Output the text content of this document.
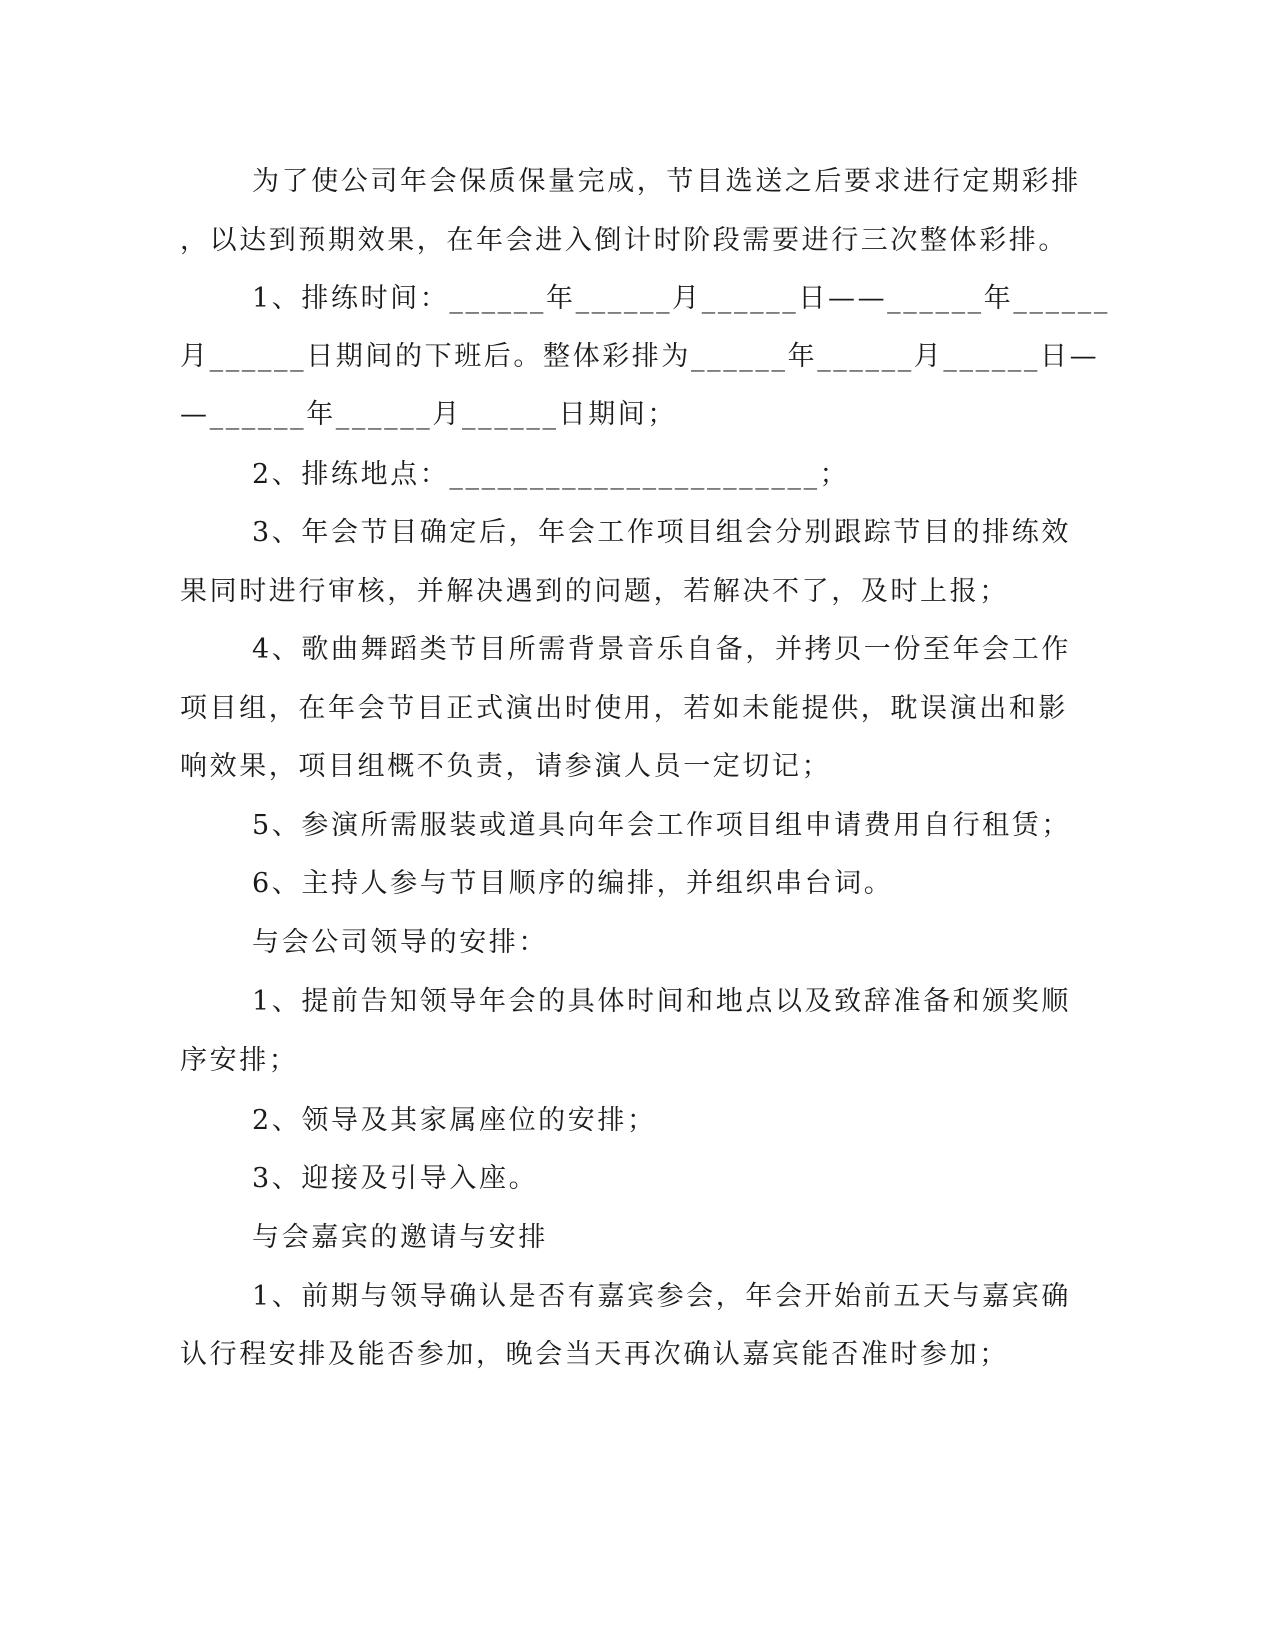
为了使公司年会保质保量完成，节目选送之后要求进行定期彩排
，以达到预期效果，在年会进入倒计时阶段需要进行三次整体彩排。
1、排练时间：______年______月______日——______年______
月______日期间的下班后。整体彩排为______年______月______日—
—______年______月______日期间；
2、排练地点：_______________________；
3、年会节目确定后，年会工作项目组会分别跟踪节目的排练效
果同时进行审核，并解决遇到的问题，若解决不了，及时上报；
4、歌曲舞蹈类节目所需背景音乐自备，并拷贝一份至年会工作
项目组，在年会节目正式演出时使用，若如未能提供，耽误演出和影
响效果，项目组概不负责，请参演人员一定切记；
5、参演所需服装或道具向年会工作项目组申请费用自行租赁；
6、主持人参与节目顺序的编排，并组织串台词。
与会公司领导的安排：
1、提前告知领导年会的具体时间和地点以及致辞准备和颁奖顺
序安排；
2、领导及其家属座位的安排；
3、迎接及引导入座。
与会嘉宾的邀请与安排
1、前期与领导确认是否有嘉宾参会，年会开始前五天与嘉宾确
认行程安排及能否参加，晚会当天再次确认嘉宾能否准时参加；
